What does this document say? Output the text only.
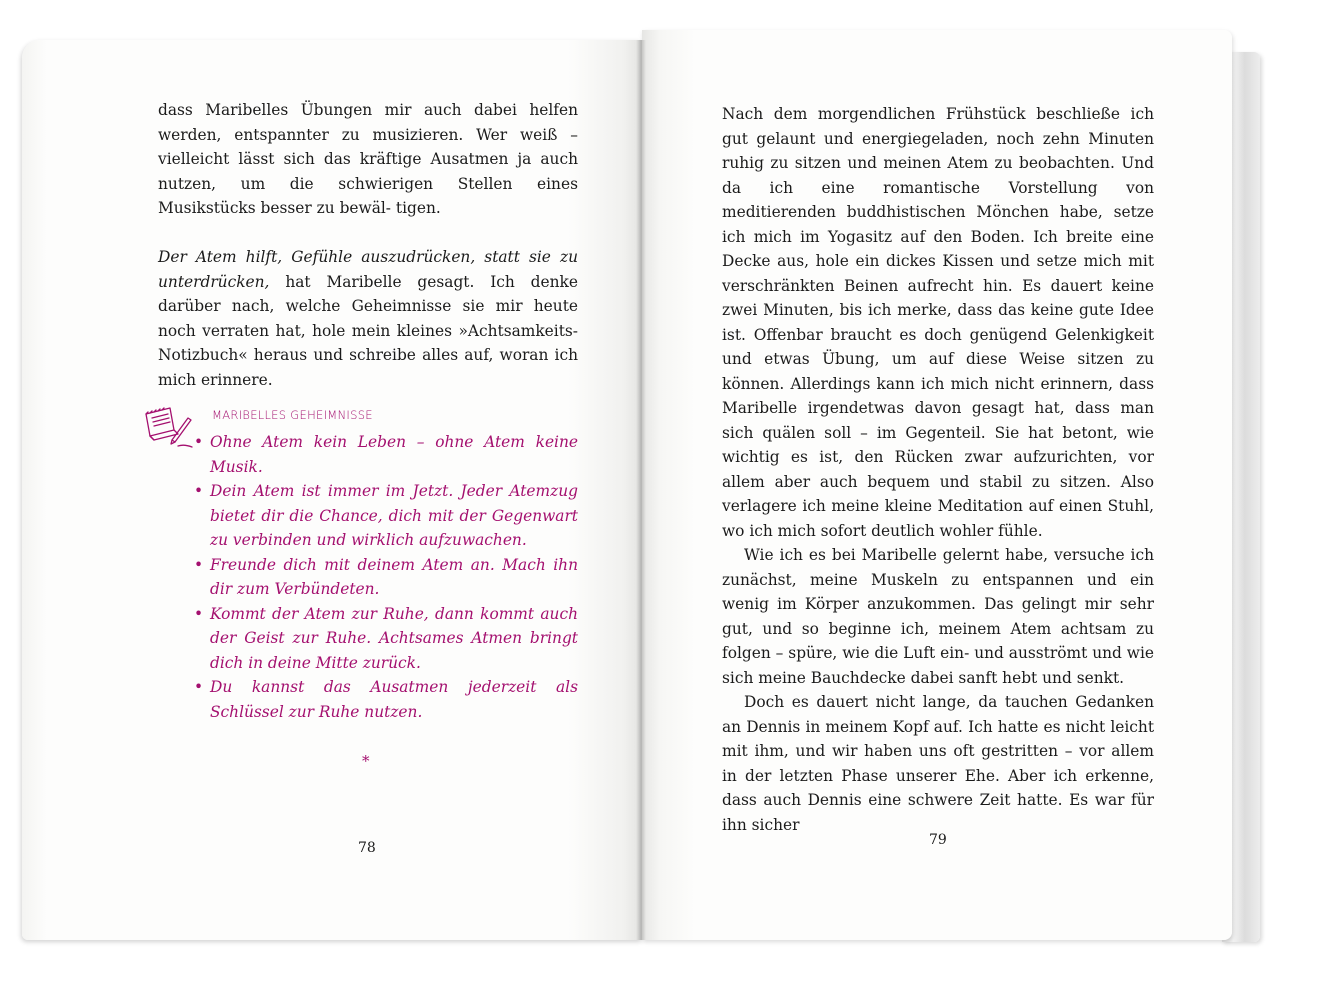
dass Maribelles Übungen mir auch dabei helfen werden, entspannter zu musizieren. Wer weiß – vielleicht lässt sich das kräftige Ausatmen ja auch nutzen, um die schwierigen Stellen eines Musikstücks besser zu bewäl- tigen.

Der Atem hilft, Gefühle auszudrücken, statt sie zu unterdrücken, hat Maribelle gesagt. Ich denke darüber nach, welche Geheimnisse sie mir heute noch verraten hat, hole mein kleines »Achtsamkeits-Notizbuch« heraus und schreibe alles auf, woran ich mich erinnere.

MARIBELLES GEHEIMNISSE
• Ohne Atem kein Leben – ohne Atem keine Musik.
• Dein Atem ist immer im Jetzt. Jeder Atemzug bietet dir die Chance, dich mit der Gegenwart zu verbinden und wirklich aufzuwachen.
• Freunde dich mit deinem Atem an. Mach ihn dir zum Verbündeten.
• Kommt der Atem zur Ruhe, dann kommt auch der Geist zur Ruhe. Achtsames Atmen bringt dich in deine Mitte zurück.
• Du kannst das Ausatmen jederzeit als Schlüssel zur Ruhe nutzen.
*
78

Nach dem morgendlichen Frühstück beschließe ich gut gelaunt und energiegeladen, noch zehn Minuten ruhig zu sitzen und meinen Atem zu beobachten. Und da ich eine romantische Vorstellung von meditierenden buddhistischen Mönchen habe, setze ich mich im Yogasitz auf den Boden. Ich breite eine Decke aus, hole ein dickes Kissen und setze mich mit verschränkten Beinen aufrecht hin. Es dauert keine zwei Minuten, bis ich merke, dass das keine gute Idee ist. Offenbar braucht es doch genügend Gelenkigkeit und etwas Übung, um auf diese Weise sitzen zu können. Allerdings kann ich mich nicht erinnern, dass Maribelle irgendetwas davon gesagt hat, dass man sich quälen soll – im Gegenteil. Sie hat betont, wie wichtig es ist, den Rücken zwar aufzurichten, vor allem aber auch bequem und stabil zu sitzen. Also verlagere ich meine kleine Meditation auf einen Stuhl, wo ich mich sofort deutlich wohler fühle.

Wie ich es bei Maribelle gelernt habe, versuche ich zunächst, meine Muskeln zu entspannen und ein wenig im Körper anzukommen. Das gelingt mir sehr gut, und so beginne ich, meinem Atem achtsam zu folgen – spüre, wie die Luft ein- und ausströmt und wie sich meine Bauchdecke dabei sanft hebt und senkt.

Doch es dauert nicht lange, da tauchen Gedanken an Dennis in meinem Kopf auf. Ich hatte es nicht leicht mit ihm, und wir haben uns oft gestritten – vor allem in der letzten Phase unserer Ehe. Aber ich erkenne, dass auch Dennis eine schwere Zeit hatte. Es war für ihn sicher

79
